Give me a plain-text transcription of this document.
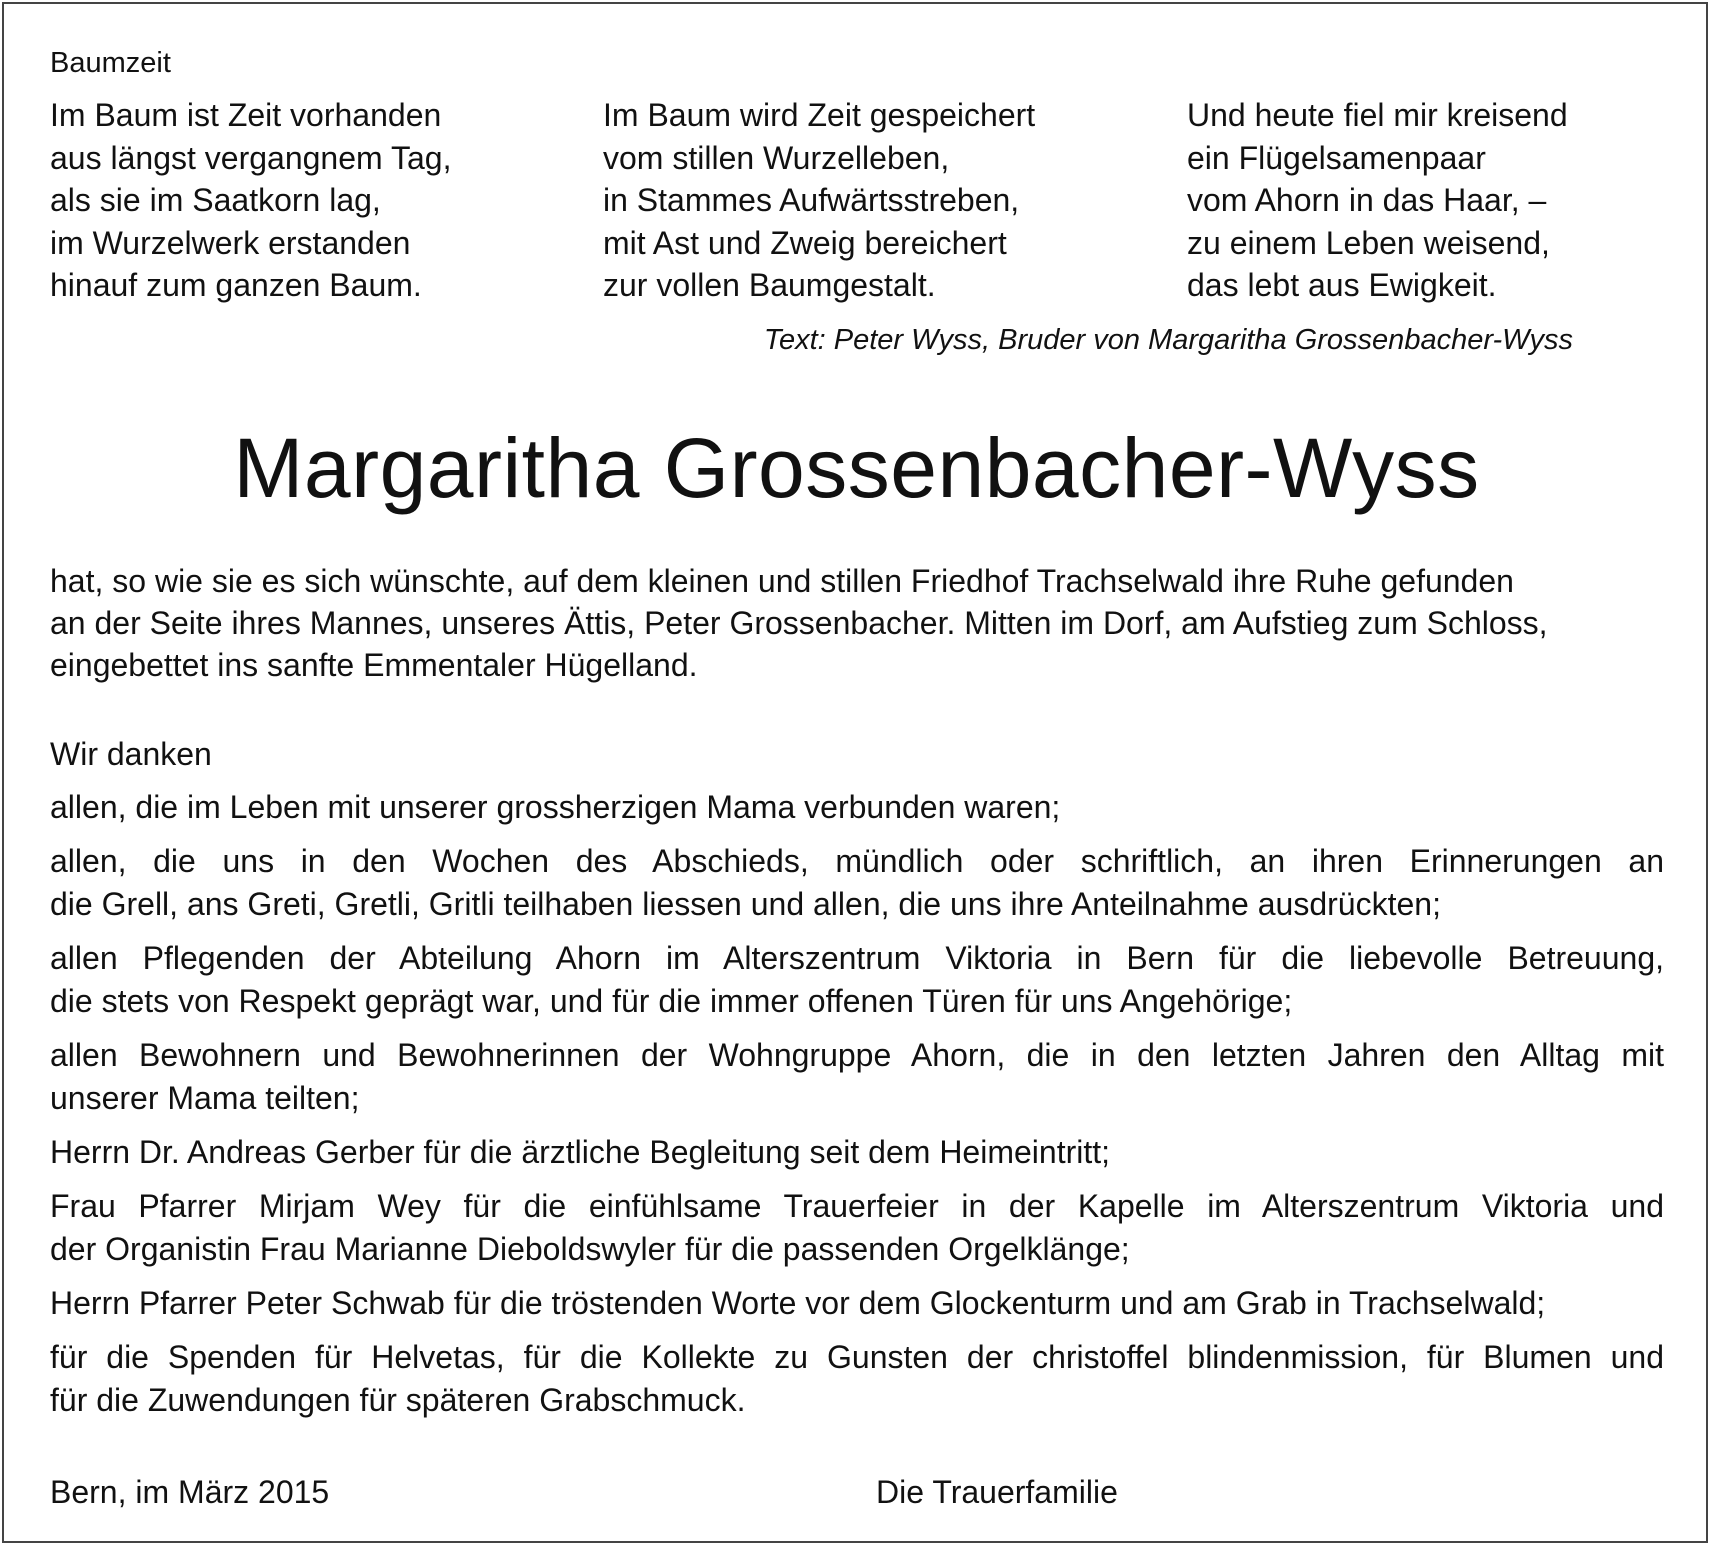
Baumzeit
Im Baum ist Zeit vorhanden
aus längst vergangnem Tag,
als sie im Saatkorn lag,
im Wurzelwerk erstanden
hinauf zum ganzen Baum.
Im Baum wird Zeit gespeichert
vom stillen Wurzelleben,
in Stammes Aufwärtsstreben,
mit Ast und Zweig bereichert
zur vollen Baumgestalt.
Und heute fiel mir kreisend
ein Flügelsamenpaar
vom Ahorn in das Haar, –
zu einem Leben weisend,
das lebt aus Ewigkeit.
Text: Peter Wyss, Bruder von Margaritha Grossenbacher-Wyss
Margaritha Grossenbacher-Wyss
hat, so wie sie es sich wünschte, auf dem kleinen und stillen Friedhof Trachselwald ihre Ruhe gefunden
an der Seite ihres Mannes, unseres Ättis, Peter Grossenbacher. Mitten im Dorf, am Aufstieg zum Schloss,
eingebettet ins sanfte Emmentaler Hügelland.
Wir danken
allen, die im Leben mit unserer grossherzigen Mama verbunden waren;
allen, die uns in den Wochen des Abschieds, mündlich oder schriftlich, an ihren Erinnerungen an
die Grell, ans Greti, Gretli, Gritli teilhaben liessen und allen, die uns ihre Anteilnahme ausdrückten;
allen Pflegenden der Abteilung Ahorn im Alterszentrum Viktoria in Bern für die liebevolle Betreuung,
die stets von Respekt geprägt war, und für die immer offenen Türen für uns Angehörige;
allen Bewohnern und Bewohnerinnen der Wohngruppe Ahorn, die in den letzten Jahren den Alltag mit
unserer Mama teilten;
Herrn Dr. Andreas Gerber für die ärztliche Begleitung seit dem Heimeintritt;
Frau Pfarrer Mirjam Wey für die einfühlsame Trauerfeier in der Kapelle im Alterszentrum Viktoria und
der Organistin Frau Marianne Dieboldswyler für die passenden Orgelklänge;
Herrn Pfarrer Peter Schwab für die tröstenden Worte vor dem Glockenturm und am Grab in Trachselwald;
für die Spenden für Helvetas, für die Kollekte zu Gunsten der christoffel blindenmission, für Blumen und
für die Zuwendungen für späteren Grabschmuck.
Bern, im März 2015	Die Trauerfamilie
